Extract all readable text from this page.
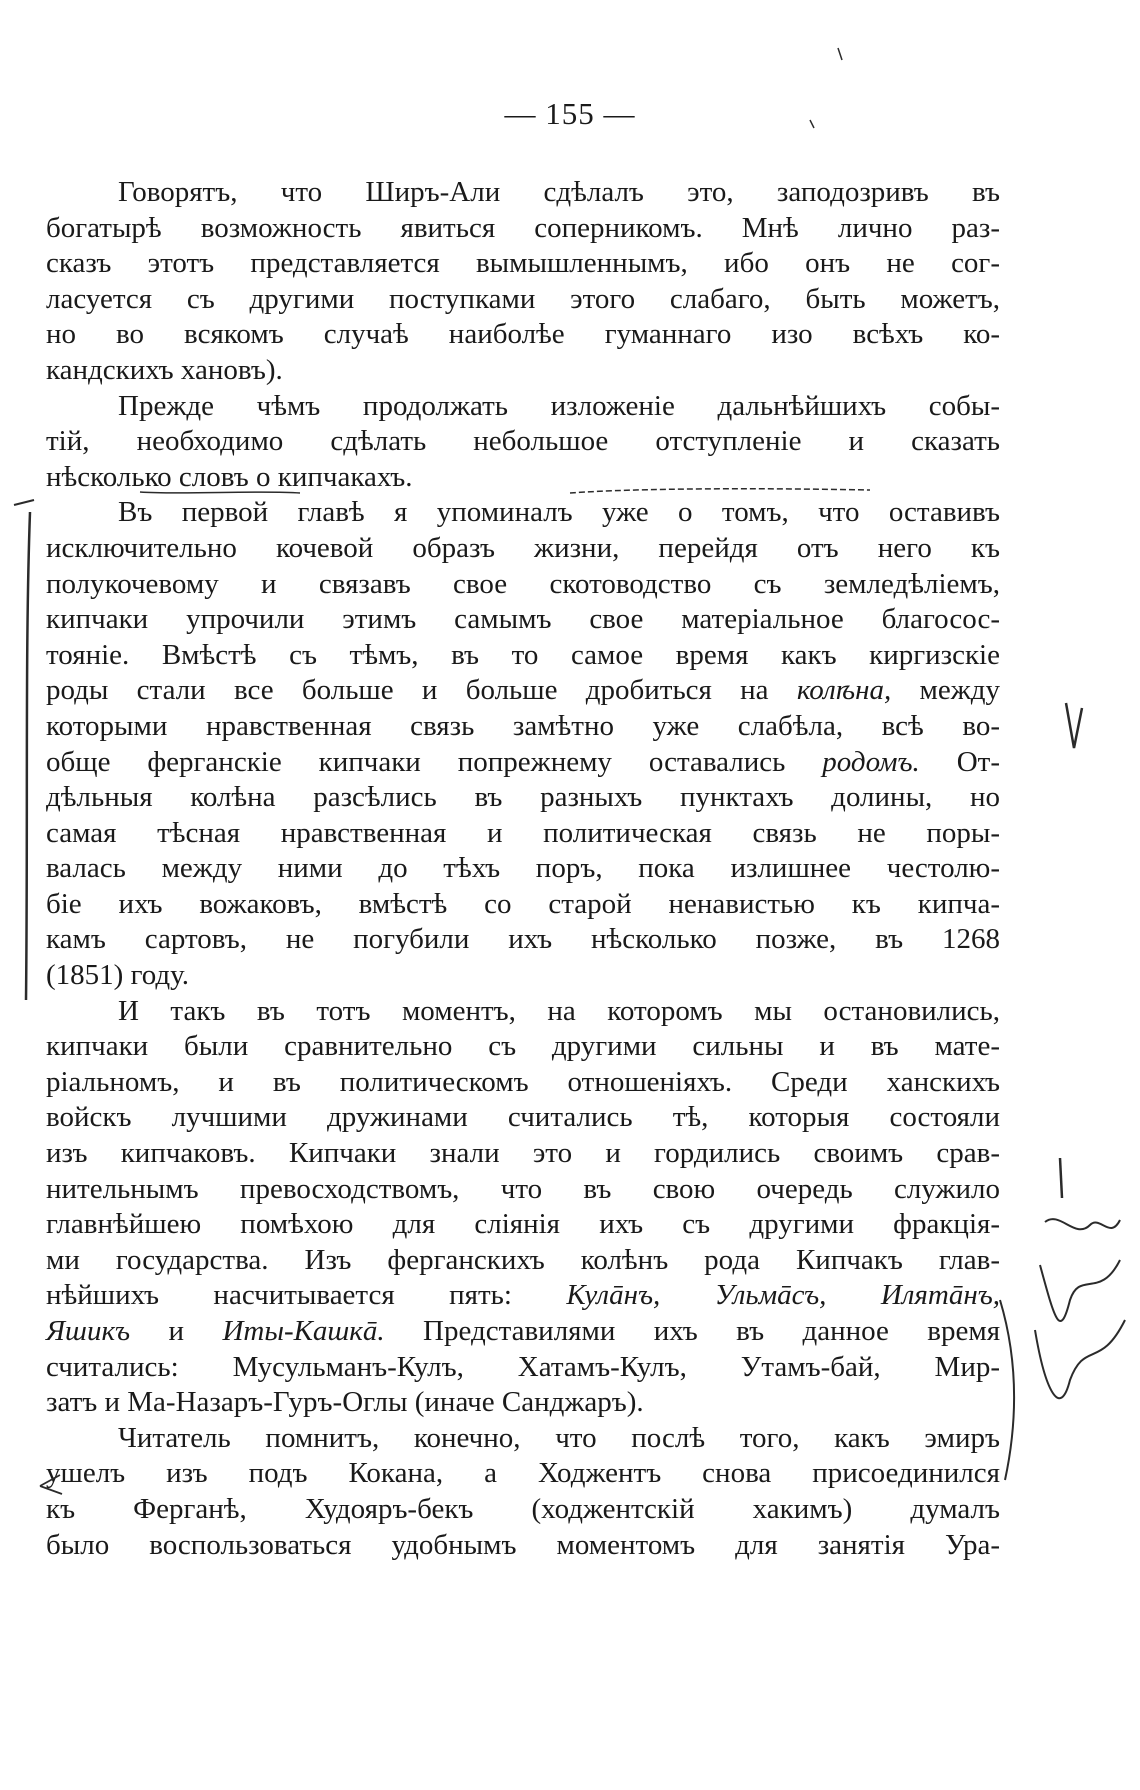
— 155 —
Говорятъ, что Ширъ-Али сдѣлалъ это, заподозривъ въ
богатырѣ возможность явиться соперникомъ. Мнѣ лично раз-
сказъ этотъ представляется вымышленнымъ, ибо онъ не сог-
ласуется съ другими поступками этого слабаго, быть можетъ,
но во всякомъ случаѣ наиболѣе гуманнаго изо всѣхъ ко-
кандскихъ хановъ).
Прежде чѣмъ продолжать изложеніе дальнѣйшихъ собы-
тій, необходимо сдѣлать небольшое отступленіе и сказать
нѣсколько словъ о кипчакахъ.
Въ первой главѣ я упоминалъ уже о томъ, что оставивъ
исключительно кочевой образъ жизни, перейдя отъ него къ
полукочевому и связавъ свое скотоводство съ земледѣліемъ,
кипчаки упрочили этимъ самымъ свое матеріальное благосос-
тояніе. Вмѣстѣ съ тѣмъ, въ то самое время какъ киргизскіе
роды стали все больше и больше дробиться на колѣна, между
которыми нравственная связь замѣтно уже слабѣла, всѣ во-
обще ферганскіе кипчаки попрежнему оставались родомъ. От-
дѣльныя колѣна разсѣлись въ разныхъ пунктахъ долины, но
самая тѣсная нравственная и политическая связь не поры-
валась между ними до тѣхъ поръ, пока излишнее честолю-
біе ихъ вожаковъ, вмѣстѣ со старой ненавистью къ кипча-
камъ сартовъ, не погубили ихъ нѣсколько позже, въ 1268
(1851) году.
И такъ въ тотъ моментъ, на которомъ мы остановились,
кипчаки были сравнительно съ другими сильны и въ мате-
ріальномъ, и въ политическомъ отношеніяхъ. Среди ханскихъ
войскъ лучшими дружинами считались тѣ, которыя состояли
изъ кипчаковъ. Кипчаки знали это и гордились своимъ срав-
нительнымъ превосходствомъ, что въ свою очередь служило
главнѣйшею помѣхою для сліянія ихъ съ другими фракція-
ми государства. Изъ ферганскихъ колѣнъ рода Кипчакъ глав-
нѣйшихъ насчитывается пять: Кулāнъ, Ульмāсъ, Илятāнъ,
Яшикъ и Иты-Кашкā. Представилями ихъ въ данное время
считались: Мусульманъ-Кулъ, Хатамъ-Кулъ, Утамъ-бай, Мир-
затъ и Ма-Назаръ-Гуръ-Оглы (иначе Санджаръ).
Читатель помнитъ, конечно, что послѣ того, какъ эмиръ
ушелъ изъ подъ Кокана, а Ходжентъ снова присоединился
къ Ферганѣ, Худояръ-бекъ (ходжентскій хакимъ) думалъ
было воспользоваться удобнымъ моментомъ для занятія Ура-
